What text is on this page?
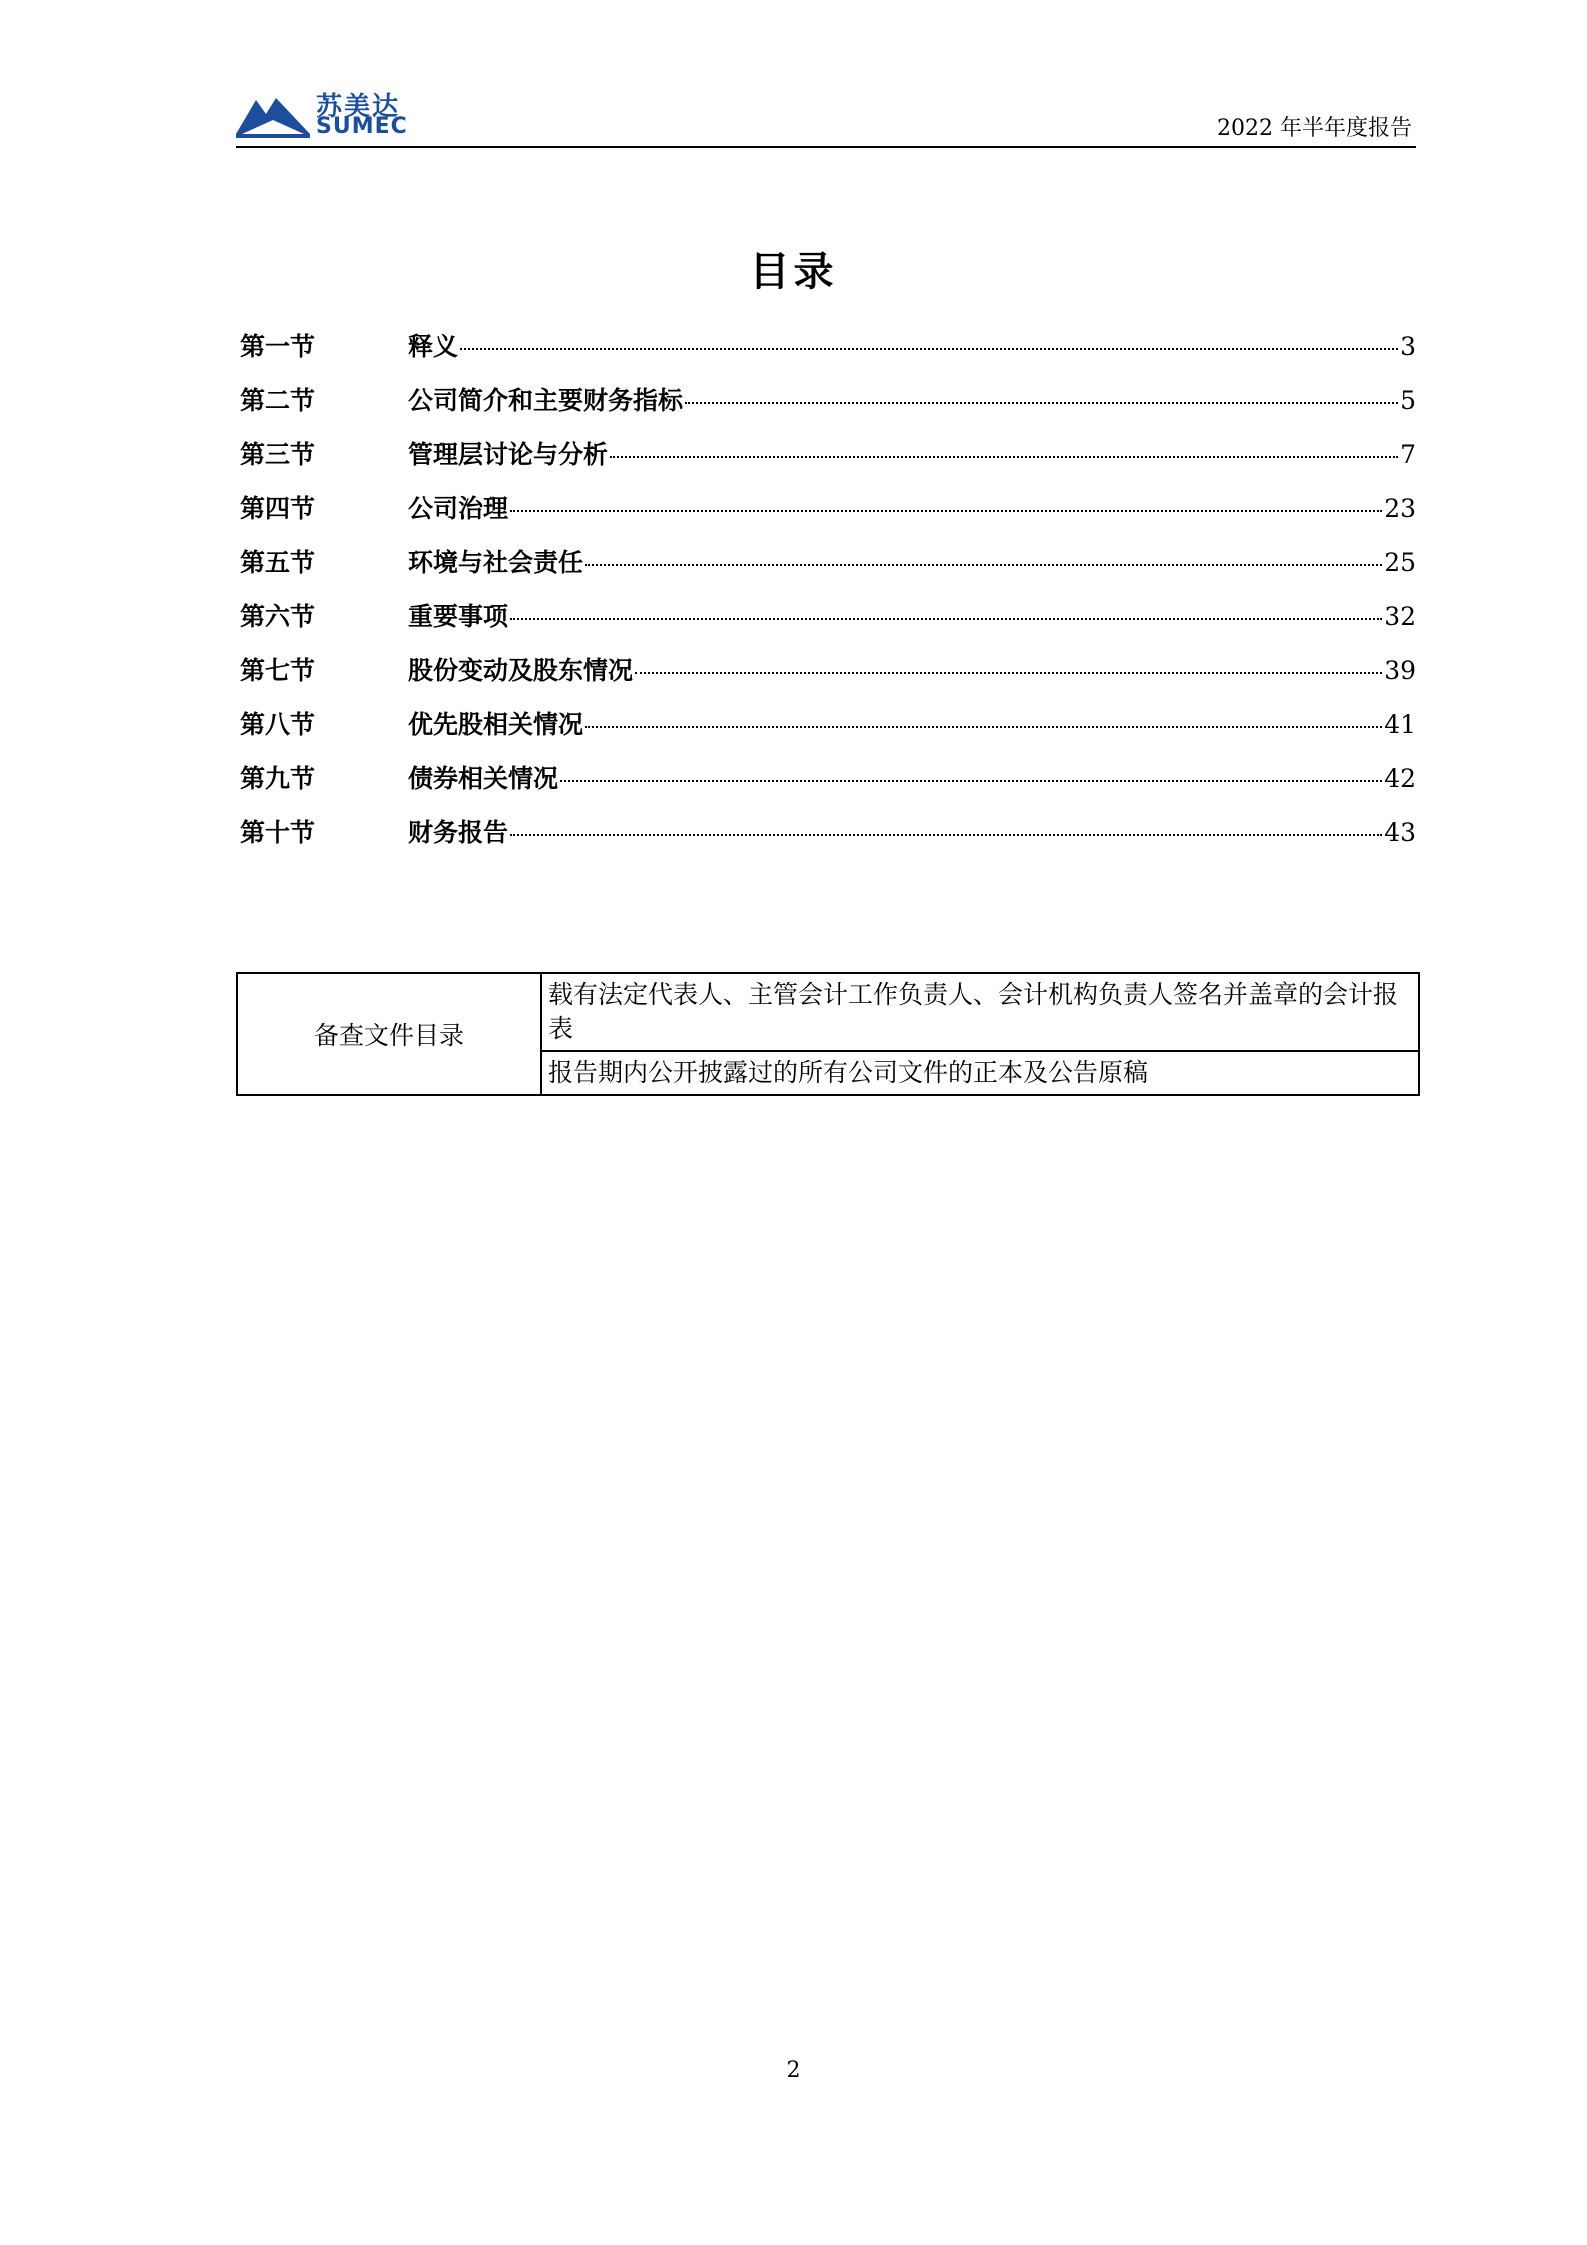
苏美达
SUMEC	2022 年半年度报告
目录
第一节	释义	3
第二节	公司简介和主要财务指标	5
第三节	管理层讨论与分析	7
第四节	公司治理	23
第五节	环境与社会责任	25
第六节	重要事项	32
第七节	股份变动及股东情况	39
第八节	优先股相关情况	41
第九节	债券相关情况	42
第十节	财务报告	43
备查文件目录	载有法定代表人、主管会计工作负责人、会计机构负责人签名并盖章的会计报表
报告期内公开披露过的所有公司文件的正本及公告原稿
2
